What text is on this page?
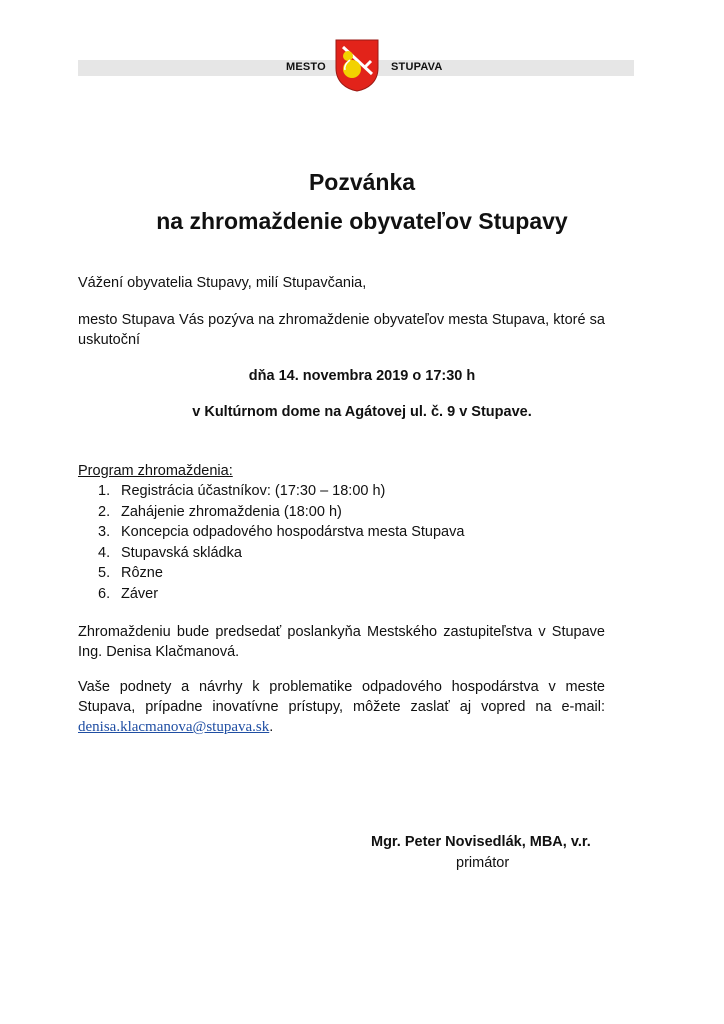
MESTO	STUPAVA
Pozvánka
na zhromaždenie obyvateľov Stupavy

Vážení obyvatelia Stupavy, milí Stupavčania,

mesto Stupava Vás pozýva na zhromaždenie obyvateľov mesta Stupava, ktoré sa uskutoční

dňa 14. novembra 2019 o 17:30 h

v Kultúrnom dome na Agátovej ul. č. 9 v Stupave.

Program zhromaždenia:

1. Registrácia účastníkov: (17:30 – 18:00 h)
2. Zahájenie zhromaždenia (18:00 h)
3. Koncepcia odpadového hospodárstva mesta Stupava
4. Stupavská skládka
5. Rôzne
6. Záver

Zhromaždeniu bude predsedať poslankyňa Mestského zastupiteľstva v Stupave Ing. Denisa Klačmanová.

Vaše podnety a návrhy k problematike odpadového hospodárstva v meste Stupava, prípadne inovatívne prístupy, môžete zaslať aj vopred na e-mail: denisa.klacmanova@stupava.sk.

Mgr. Peter Novisedlák, MBA, v.r.

primátor
